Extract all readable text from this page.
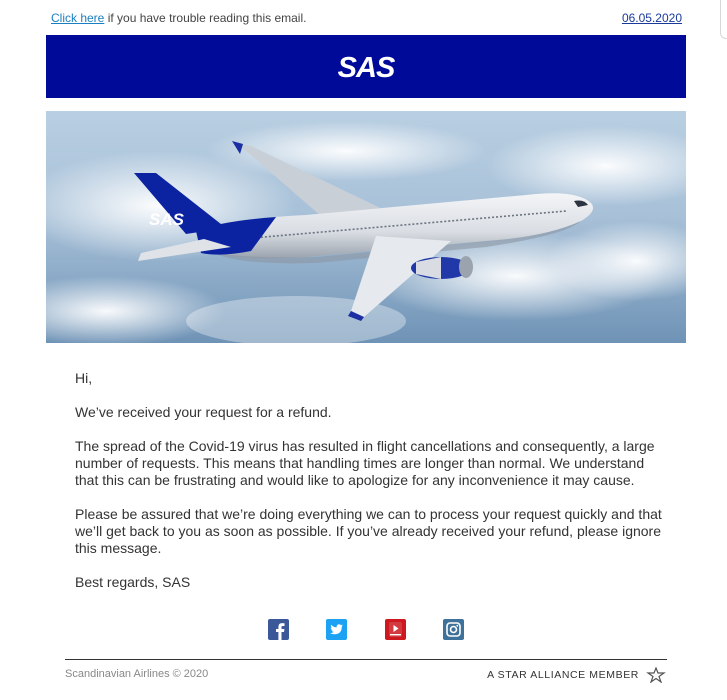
Click here if you have trouble reading this email.	06.05.2020
SAS
SAS

Hi,

We’ve received your request for a refund.

The spread of the Covid-19 virus has resulted in flight cancellations and consequently, a large number of requests. This means that handling times are longer than normal. We understand that this can be frustrating and would like to apologize for any inconvenience it may cause.

Please be assured that we’re doing everything we can to process your request quickly and that we’ll get back to you as soon as possible. If you’ve already received your refund, please ignore this message.

Best regards, SAS

Scandinavian Airlines © 2020	A STAR ALLIANCE MEMBER
